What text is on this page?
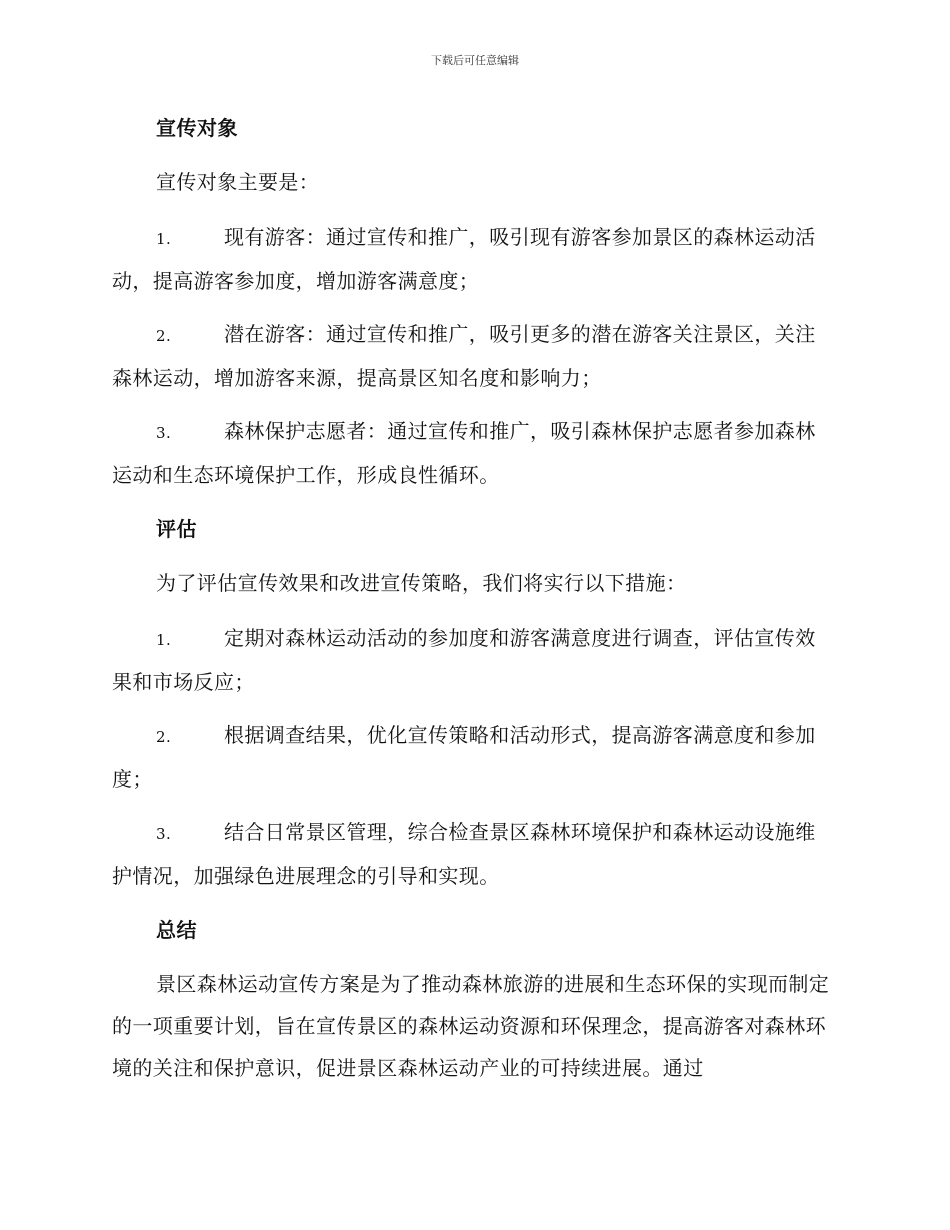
下载后可任意编辑
宣传对象
宣传对象主要是：
1.	现有游客：通过宣传和推广，吸引现有游客参加景区的森林运动活动，提高游客参加度，增加游客满意度；
2.	潜在游客：通过宣传和推广，吸引更多的潜在游客关注景区，关注森林运动，增加游客来源，提高景区知名度和影响力；
3.	森林保护志愿者：通过宣传和推广，吸引森林保护志愿者参加森林运动和生态环境保护工作，形成良性循环。
评估
为了评估宣传效果和改进宣传策略，我们将实行以下措施：
1.	定期对森林运动活动的参加度和游客满意度进行调查，评估宣传效果和市场反应；
2.	根据调查结果，优化宣传策略和活动形式，提高游客满意度和参加度；
3.	结合日常景区管理，综合检查景区森林环境保护和森林运动设施维护情况，加强绿色进展理念的引导和实现。
总结
景区森林运动宣传方案是为了推动森林旅游的进展和生态环保的实现而制定的一项重要计划，旨在宣传景区的森林运动资源和环保理念，提高游客对森林环境的关注和保护意识，促进景区森林运动产业的可持续进展。通过
